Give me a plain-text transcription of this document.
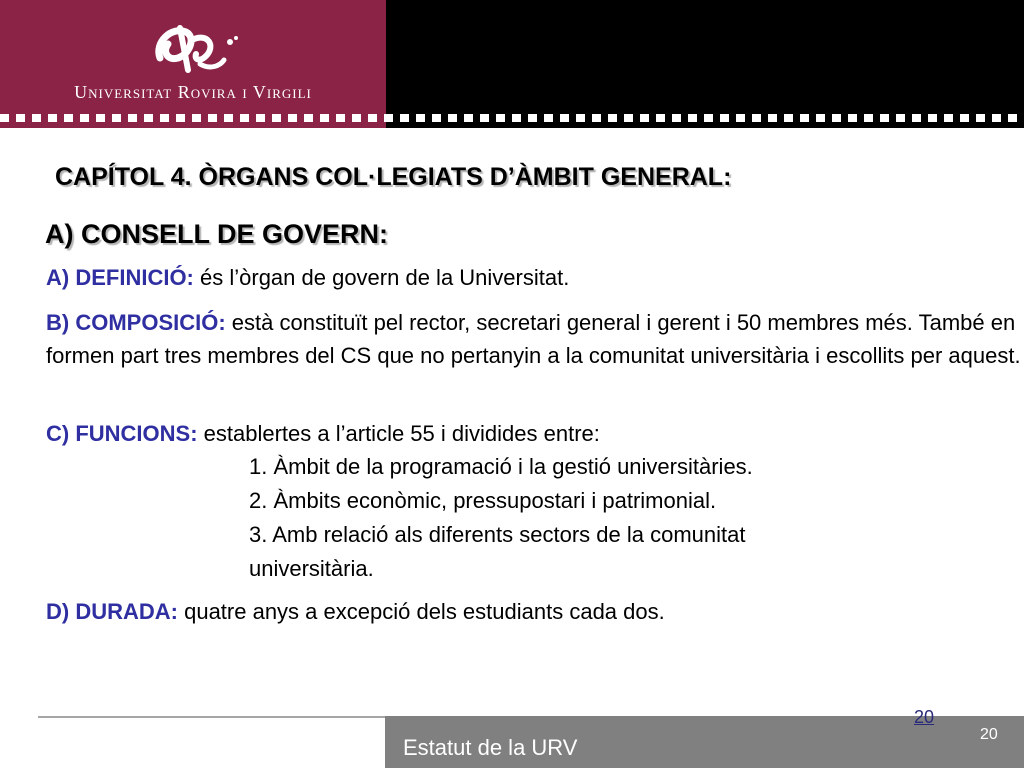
Universitat Rovira i Virgili
CAPÍTOL 4. ÒRGANS COL·LEGIATS D’ÀMBIT GENERAL:
A) CONSELL DE GOVERN:
A) DEFINICIÓ: és l’òrgan de govern de la Universitat.
B) COMPOSICIÓ: està constituït pel rector, secretari general i gerent i 50 membres més. També en formen part tres membres del CS que no pertanyin a la comunitat universitària i escollits per aquest.
C) FUNCIONS: establertes a l’article 55 i dividides entre:
1. Àmbit de la programació i la gestió universitàries.
2. Àmbits econòmic, pressupostari i patrimonial.
3. Amb relació als diferents sectors de la comunitat
universitària.
D) DURADA: quatre anys a excepció dels estudiants cada dos.
Estatut de la URV
20
20
